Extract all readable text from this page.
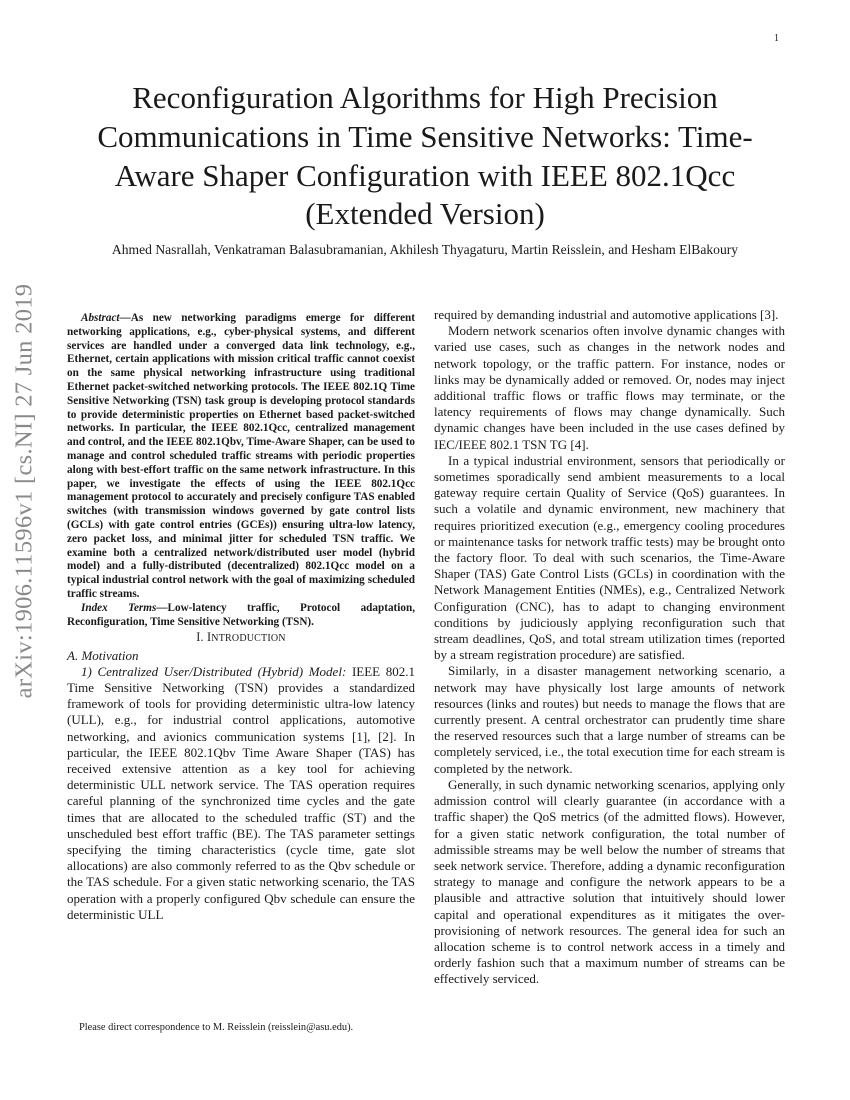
1
arXiv:1906.11596v1 [cs.NI] 27 Jun 2019
Reconfiguration Algorithms for High Precision Communications in Time Sensitive Networks: Time-Aware Shaper Configuration with IEEE 802.1Qcc (Extended Version)
Ahmed Nasrallah, Venkatraman Balasubramanian, Akhilesh Thyagaturu, Martin Reisslein, and Hesham ElBakoury

Abstract—As new networking paradigms emerge for different networking applications, e.g., cyber-physical systems, and different services are handled under a converged data link technology, e.g., Ethernet, certain applications with mission critical traffic cannot coexist on the same physical networking infrastructure using traditional Ethernet packet-switched networking protocols. The IEEE 802.1Q Time Sensitive Networking (TSN) task group is developing protocol standards to provide deterministic properties on Ethernet based packet-switched networks. In particular, the IEEE 802.1Qcc, centralized management and control, and the IEEE 802.1Qbv, Time-Aware Shaper, can be used to manage and control scheduled traffic streams with periodic properties along with best-effort traffic on the same network infrastructure. In this paper, we investigate the effects of using the IEEE 802.1Qcc management protocol to accurately and precisely configure TAS enabled switches (with transmission windows governed by gate control lists (GCLs) with gate control entries (GCEs)) ensuring ultra-low latency, zero packet loss, and minimal jitter for scheduled TSN traffic. We examine both a centralized network/distributed user model (hybrid model) and a fully-distributed (decentralized) 802.1Qcc model on a typical industrial control network with the goal of maximizing scheduled traffic streams.

Index Terms—Low-latency traffic, Protocol adaptation, Reconfiguration, Time Sensitive Networking (TSN).

I. INTRODUCTION

A. Motivation

1) Centralized User/Distributed (Hybrid) Model: IEEE 802.1 Time Sensitive Networking (TSN) provides a standardized framework of tools for providing deterministic ultra-low latency (ULL), e.g., for industrial control applications, automotive networking, and avionics communication systems [1], [2]. In particular, the IEEE 802.1Qbv Time Aware Shaper (TAS) has received extensive attention as a key tool for achieving deterministic ULL network service. The TAS operation requires careful planning of the synchronized time cycles and the gate times that are allocated to the scheduled traffic (ST) and the unscheduled best effort traffic (BE). The TAS parameter settings specifying the timing characteristics (cycle time, gate slot allocations) are also commonly referred to as the Qbv schedule or the TAS schedule. For a given static networking scenario, the TAS operation with a properly configured Qbv schedule can ensure the deterministic ULL

Please direct correspondence to M. Reisslein (reisslein@asu.edu).

required by demanding industrial and automotive applications [3].

Modern network scenarios often involve dynamic changes with varied use cases, such as changes in the network nodes and network topology, or the traffic pattern. For instance, nodes or links may be dynamically added or removed. Or, nodes may inject additional traffic flows or traffic flows may terminate, or the latency requirements of flows may change dynamically. Such dynamic changes have been included in the use cases defined by IEC/IEEE 802.1 TSN TG [4].

In a typical industrial environment, sensors that periodically or sometimes sporadically send ambient measurements to a local gateway require certain Quality of Service (QoS) guarantees. In such a volatile and dynamic environment, new machinery that requires prioritized execution (e.g., emergency cooling procedures or maintenance tasks for network traffic tests) may be brought onto the factory floor. To deal with such scenarios, the Time-Aware Shaper (TAS) Gate Control Lists (GCLs) in coordination with the Network Management Entities (NMEs), e.g., Centralized Network Configuration (CNC), has to adapt to changing environment conditions by judiciously applying reconfiguration such that stream deadlines, QoS, and total stream utilization times (reported by a stream registration procedure) are satisfied.

Similarly, in a disaster management networking scenario, a network may have physically lost large amounts of network resources (links and routes) but needs to manage the flows that are currently present. A central orchestrator can prudently time share the reserved resources such that a large number of streams can be completely serviced, i.e., the total execution time for each stream is completed by the network.

Generally, in such dynamic networking scenarios, applying only admission control will clearly guarantee (in accordance with a traffic shaper) the QoS metrics (of the admitted flows). However, for a given static network configuration, the total number of admissible streams may be well below the number of streams that seek network service. Therefore, adding a dynamic reconfiguration strategy to manage and configure the network appears to be a plausible and attractive solution that intuitively should lower capital and operational expenditures as it mitigates the over-provisioning of network resources. The general idea for such an allocation scheme is to control network access in a timely and orderly fashion such that a maximum number of streams can be effectively serviced.
